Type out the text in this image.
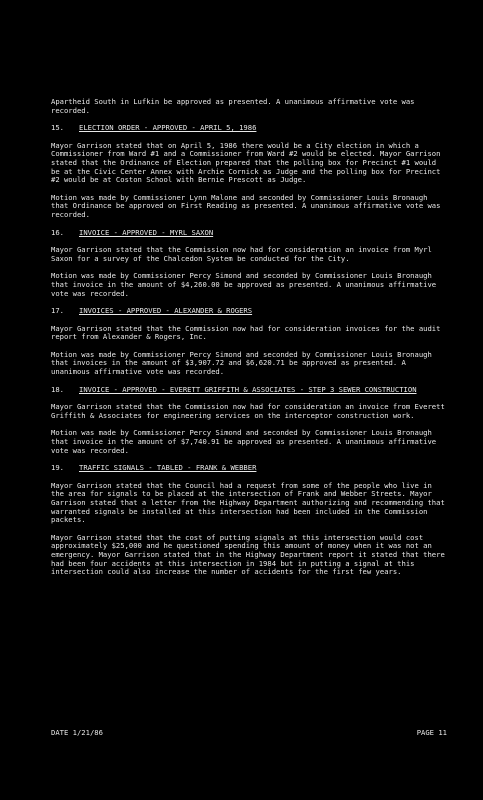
Apartheid South in Lufkin be approved as presented. A unanimous affirmative vote was recorded.

15.	ELECTION ORDER - APPROVED - APRIL 5, 1986

Mayor Garrison stated that on April 5, 1986 there would be a City election in which a Commissioner from Ward #1 and a Commissioner from Ward #2 would be elected. Mayor Garrison stated that the Ordinance of Election prepared that the polling box for Precinct #1 would be at the Civic Center Annex with Archie Cornick as Judge and the polling box for Precinct #2 would be at Coston School with Bernie Prescott as Judge.

Motion was made by Commissioner Lynn Malone and seconded by Commissioner Louis Bronaugh that Ordinance be approved on First Reading as presented. A unanimous affirmative vote was recorded.

16.	INVOICE - APPROVED - MYRL SAXON

Mayor Garrison stated that the Commission now had for consideration an invoice from Myrl Saxon for a survey of the Chalcedon System be conducted for the City.

Motion was made by Commissioner Percy Simond and seconded by Commissioner Louis Bronaugh that invoice in the amount of $4,260.00 be approved as presented. A unanimous affirmative vote was recorded.

17.	INVOICES - APPROVED - ALEXANDER & ROGERS

Mayor Garrison stated that the Commission now had for consideration invoices for the audit report from Alexander & Rogers, Inc.

Motion was made by Commissioner Percy Simond and seconded by Commissioner Louis Bronaugh that invoices in the amount of $3,907.72 and $6,620.71 be approved as presented. A unanimous affirmative vote was recorded.

18.	INVOICE - APPROVED - EVERETT GRIFFITH & ASSOCIATES - STEP 3 SEWER CONSTRUCTION

Mayor Garrison stated that the Commission now had for consideration an invoice from Everett Griffith & Associates for engineering services on the interceptor construction work.

Motion was made by Commissioner Percy Simond and seconded by Commissioner Louis Bronaugh that invoice in the amount of $7,740.91 be approved as presented. A unanimous affirmative vote was recorded.

19.	TRAFFIC SIGNALS - TABLED - FRANK & WEBBER

Mayor Garrison stated that the Council had a request from some of the people who live in the area for signals to be placed at the intersection of Frank and Webber Streets. Mayor Garrison stated that a letter from the Highway Department authorizing and recommending that warranted signals be installed at this intersection had been included in the Commission packets.

Mayor Garrison stated that the cost of putting signals at this intersection would cost approximately $25,000 and he questioned spending this amount of money when it was not an emergency. Mayor Garrison stated that in the Highway Department report it stated that there had been four accidents at this intersection in 1984 but in putting a signal at this intersection could also increase the number of accidents for the first few years.

DATE 1/21/86	PAGE 11
